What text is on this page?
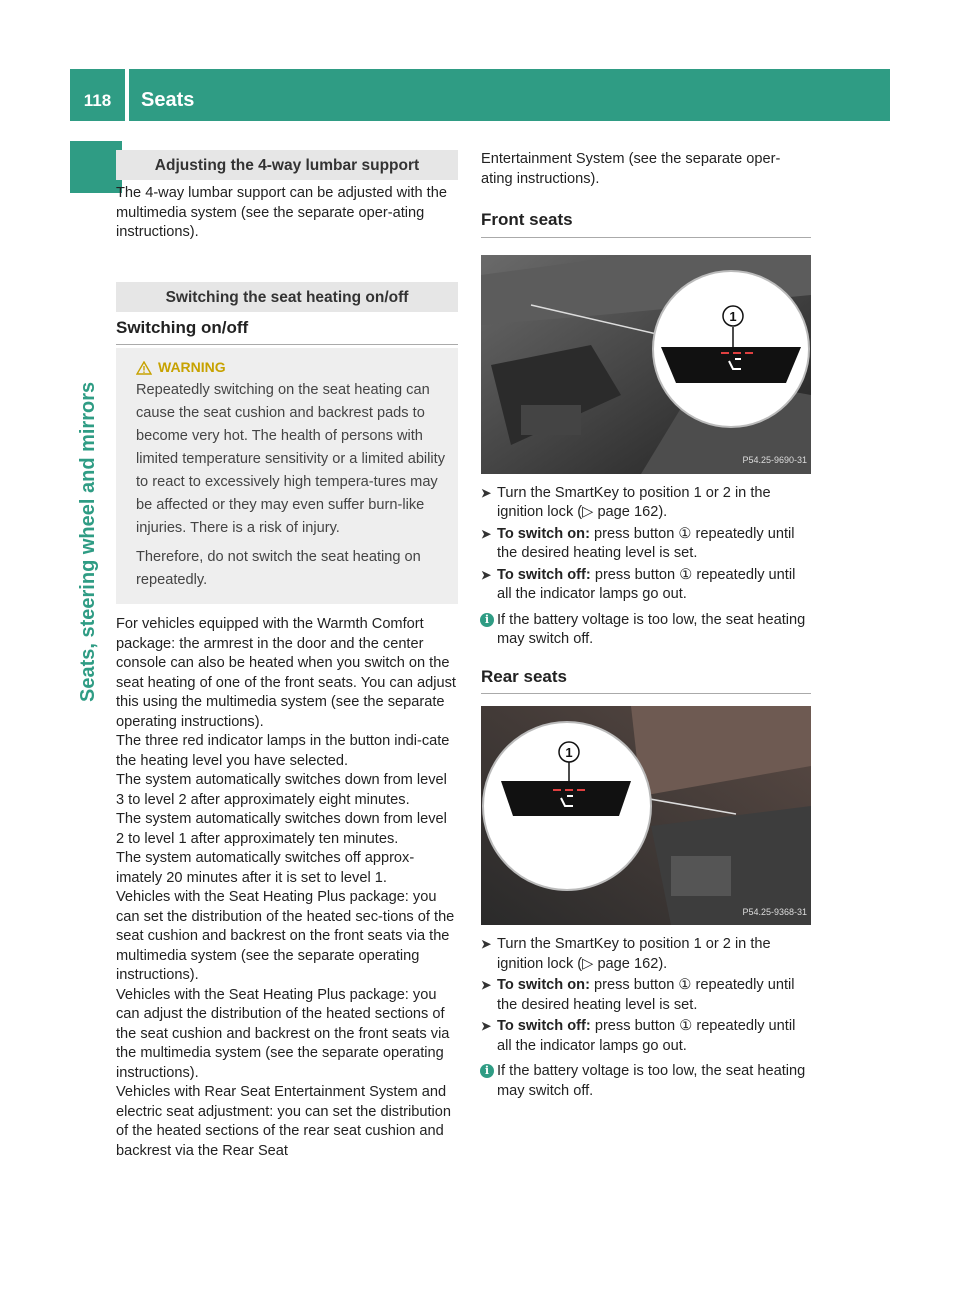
118	Seats
Seats, steering wheel and mirrors
Adjusting the 4-way lumbar support

The 4-way lumbar support can be adjusted with the multimedia system (see the separate oper-ating instructions).

Switching the seat heating on/off
Switching on/off
WARNING

Repeatedly switching on the seat heating can cause the seat cushion and backrest pads to become very hot. The health of persons with limited temperature sensitivity or a limited ability to react to excessively high tempera-tures may be affected or they may even suffer burn-like injuries. There is a risk of injury.

Therefore, do not switch the seat heating on repeatedly.

For vehicles equipped with the Warmth Comfort package: the armrest in the door and the center console can also be heated when you switch on the seat heating of one of the front seats. You can adjust this using the multimedia system (see the separate operating instructions).

The three red indicator lamps in the button indi-cate the heating level you have selected.

The system automatically switches down from level 3 to level 2 after approximately eight minutes.

The system automatically switches down from level 2 to level 1 after approximately ten minutes.

The system automatically switches off approx-imately 20 minutes after it is set to level 1.

Vehicles with the Seat Heating Plus package: you can set the distribution of the heated sec-tions of the seat cushion and backrest on the front seats via the multimedia system (see the separate operating instructions).

Vehicles with the Seat Heating Plus package: you can adjust the distribution of the heated sections of the seat cushion and backrest on the front seats via the multimedia system (see the separate operating instructions).

Vehicles with Rear Seat Entertainment System and electric seat adjustment: you can set the distribution of the heated sections of the rear seat cushion and backrest via the Rear Seat

Entertainment System (see the separate oper-ating instructions).

Front seats
1
P54.25-9690-31
➤ Turn the SmartKey to position 1 or 2 in the ignition lock (▷ page 162).
➤ To switch on: press button ① repeatedly until the desired heating level is set.
➤ To switch off: press button ① repeatedly until all the indicator lamps go out.
i If the battery voltage is too low, the seat heating may switch off.
Rear seats
1
P54.25-9368-31
➤ Turn the SmartKey to position 1 or 2 in the ignition lock (▷ page 162).
➤ To switch on: press button ① repeatedly until the desired heating level is set.
➤ To switch off: press button ① repeatedly until all the indicator lamps go out.
i If the battery voltage is too low, the seat heating may switch off.
